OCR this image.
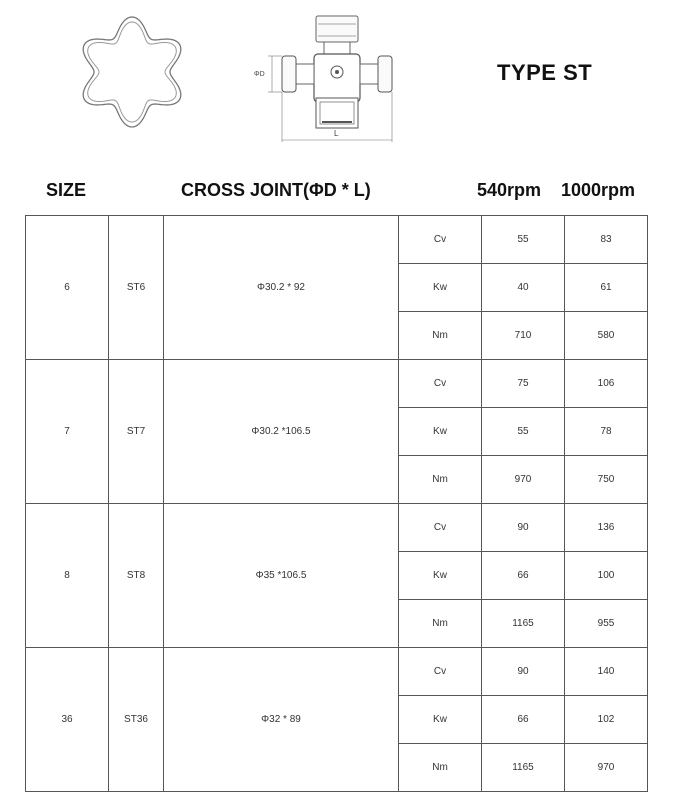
ΦD
L
TYPE ST
SIZE	CROSS JOINT(ΦD * L)	540rpm 1000rpm
6	ST6	Φ30.2 * 92	Cv	55	83
			Kw	40	61
			Nm	710	580
7	ST7	Φ30.2 *106.5	Cv	75	106
			Kw	55	78
			Nm	970	750
8	ST8	Φ35 *106.5	Cv	90	136
			Kw	66	100
			Nm	1165	955
36	ST36	Φ32 * 89	Cv	90	140
			Kw	66	102
			Nm	1165	970
